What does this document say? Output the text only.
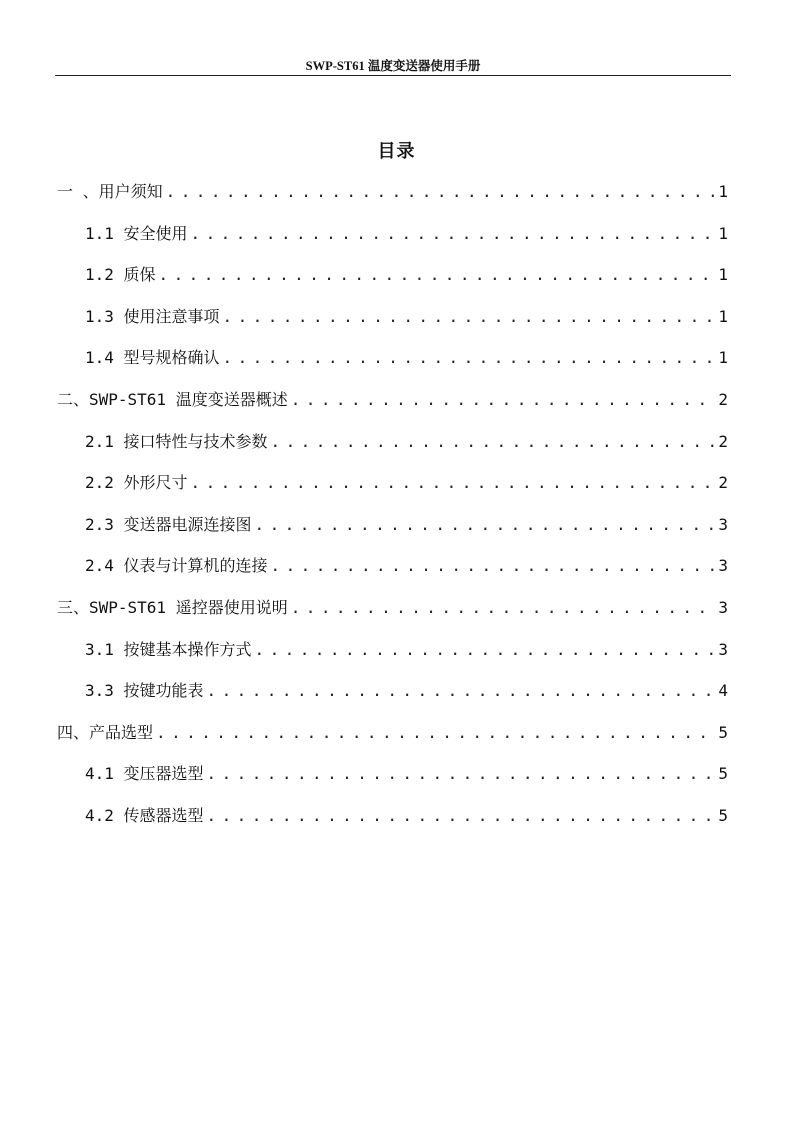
SWP-ST61 温度变送器使用手册
目录
一 、用户须知 . . .	1
1.1 安全使用 . . .	1
1.2 质保 . . .	1
1.3 使用注意事项 . . .	1
1.4 型号规格确认 . . .	1
二、SWP-ST61 温度变送器概述 . . .	2
2.1 接口特性与技术参数 . . .	2
2.2 外形尺寸 . . .	2
2.3 变送器电源连接图 . . .	3
2.4 仪表与计算机的连接 . . .	3
三、SWP-ST61 遥控器使用说明 . . .	3
3.1 按键基本操作方式 . . .	3
3.3 按键功能表 . . .	4
四、产品选型 . . .	5
4.1 变压器选型 . . .	5
4.2 传感器选型 . . .	5
